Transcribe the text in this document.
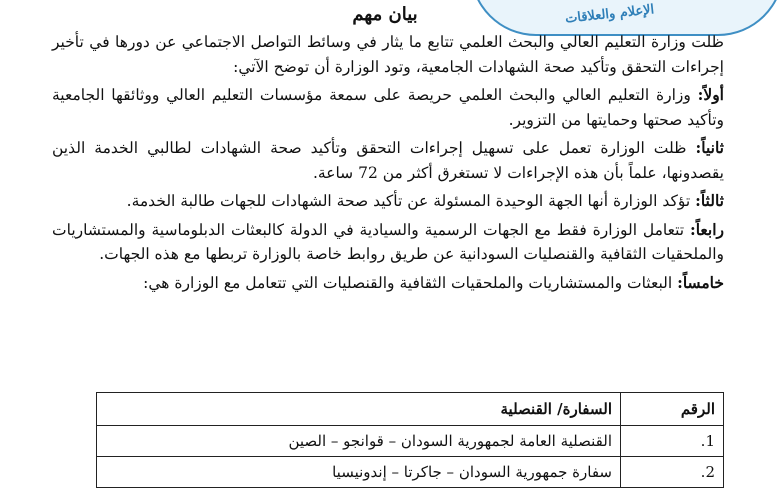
الإعلام والعلاقات
بيان مهم

ظلت وزارة التعليم العالي والبحث العلمي تتابع ما يثار في وسائط التواصل الاجتماعي عن دورها في تأخير إجراءات التحقق وتأكيد صحة الشهادات الجامعية، وتود الوزارة أن توضح الآتي:

أولاً: وزارة التعليم العالي والبحث العلمي حريصة على سمعة مؤسسات التعليم العالي ووثائقها الجامعية وتأكيد صحتها وحمايتها من التزوير.

ثانياً: ظلت الوزارة تعمل على تسهيل إجراءات التحقق وتأكيد صحة الشهادات لطالبي الخدمة الذين يقصدونها، علماً بأن هذه الإجراءات لا تستغرق أكثر من 72 ساعة.

ثالثاً: تؤكد الوزارة أنها الجهة الوحيدة المسئولة عن تأكيد صحة الشهادات للجهات طالبة الخدمة.

رابعاً: تتعامل الوزارة فقط مع الجهات الرسمية والسيادية في الدولة كالبعثات الدبلوماسية والمستشاريات والملحقيات الثقافية والقنصليات السودانية عن طريق روابط خاصة بالوزارة تربطها مع هذه الجهات.

خامساً: البعثات والمستشاريات والملحقيات الثقافية والقنصليات التي تتعامل مع الوزارة هي:

الرقم	السفارة/ القنصلية
1.	القنصلية العامة لجمهورية السودان – قوانجو – الصين
2.	سفارة جمهورية السودان – جاكرتا – إندونيسيا
